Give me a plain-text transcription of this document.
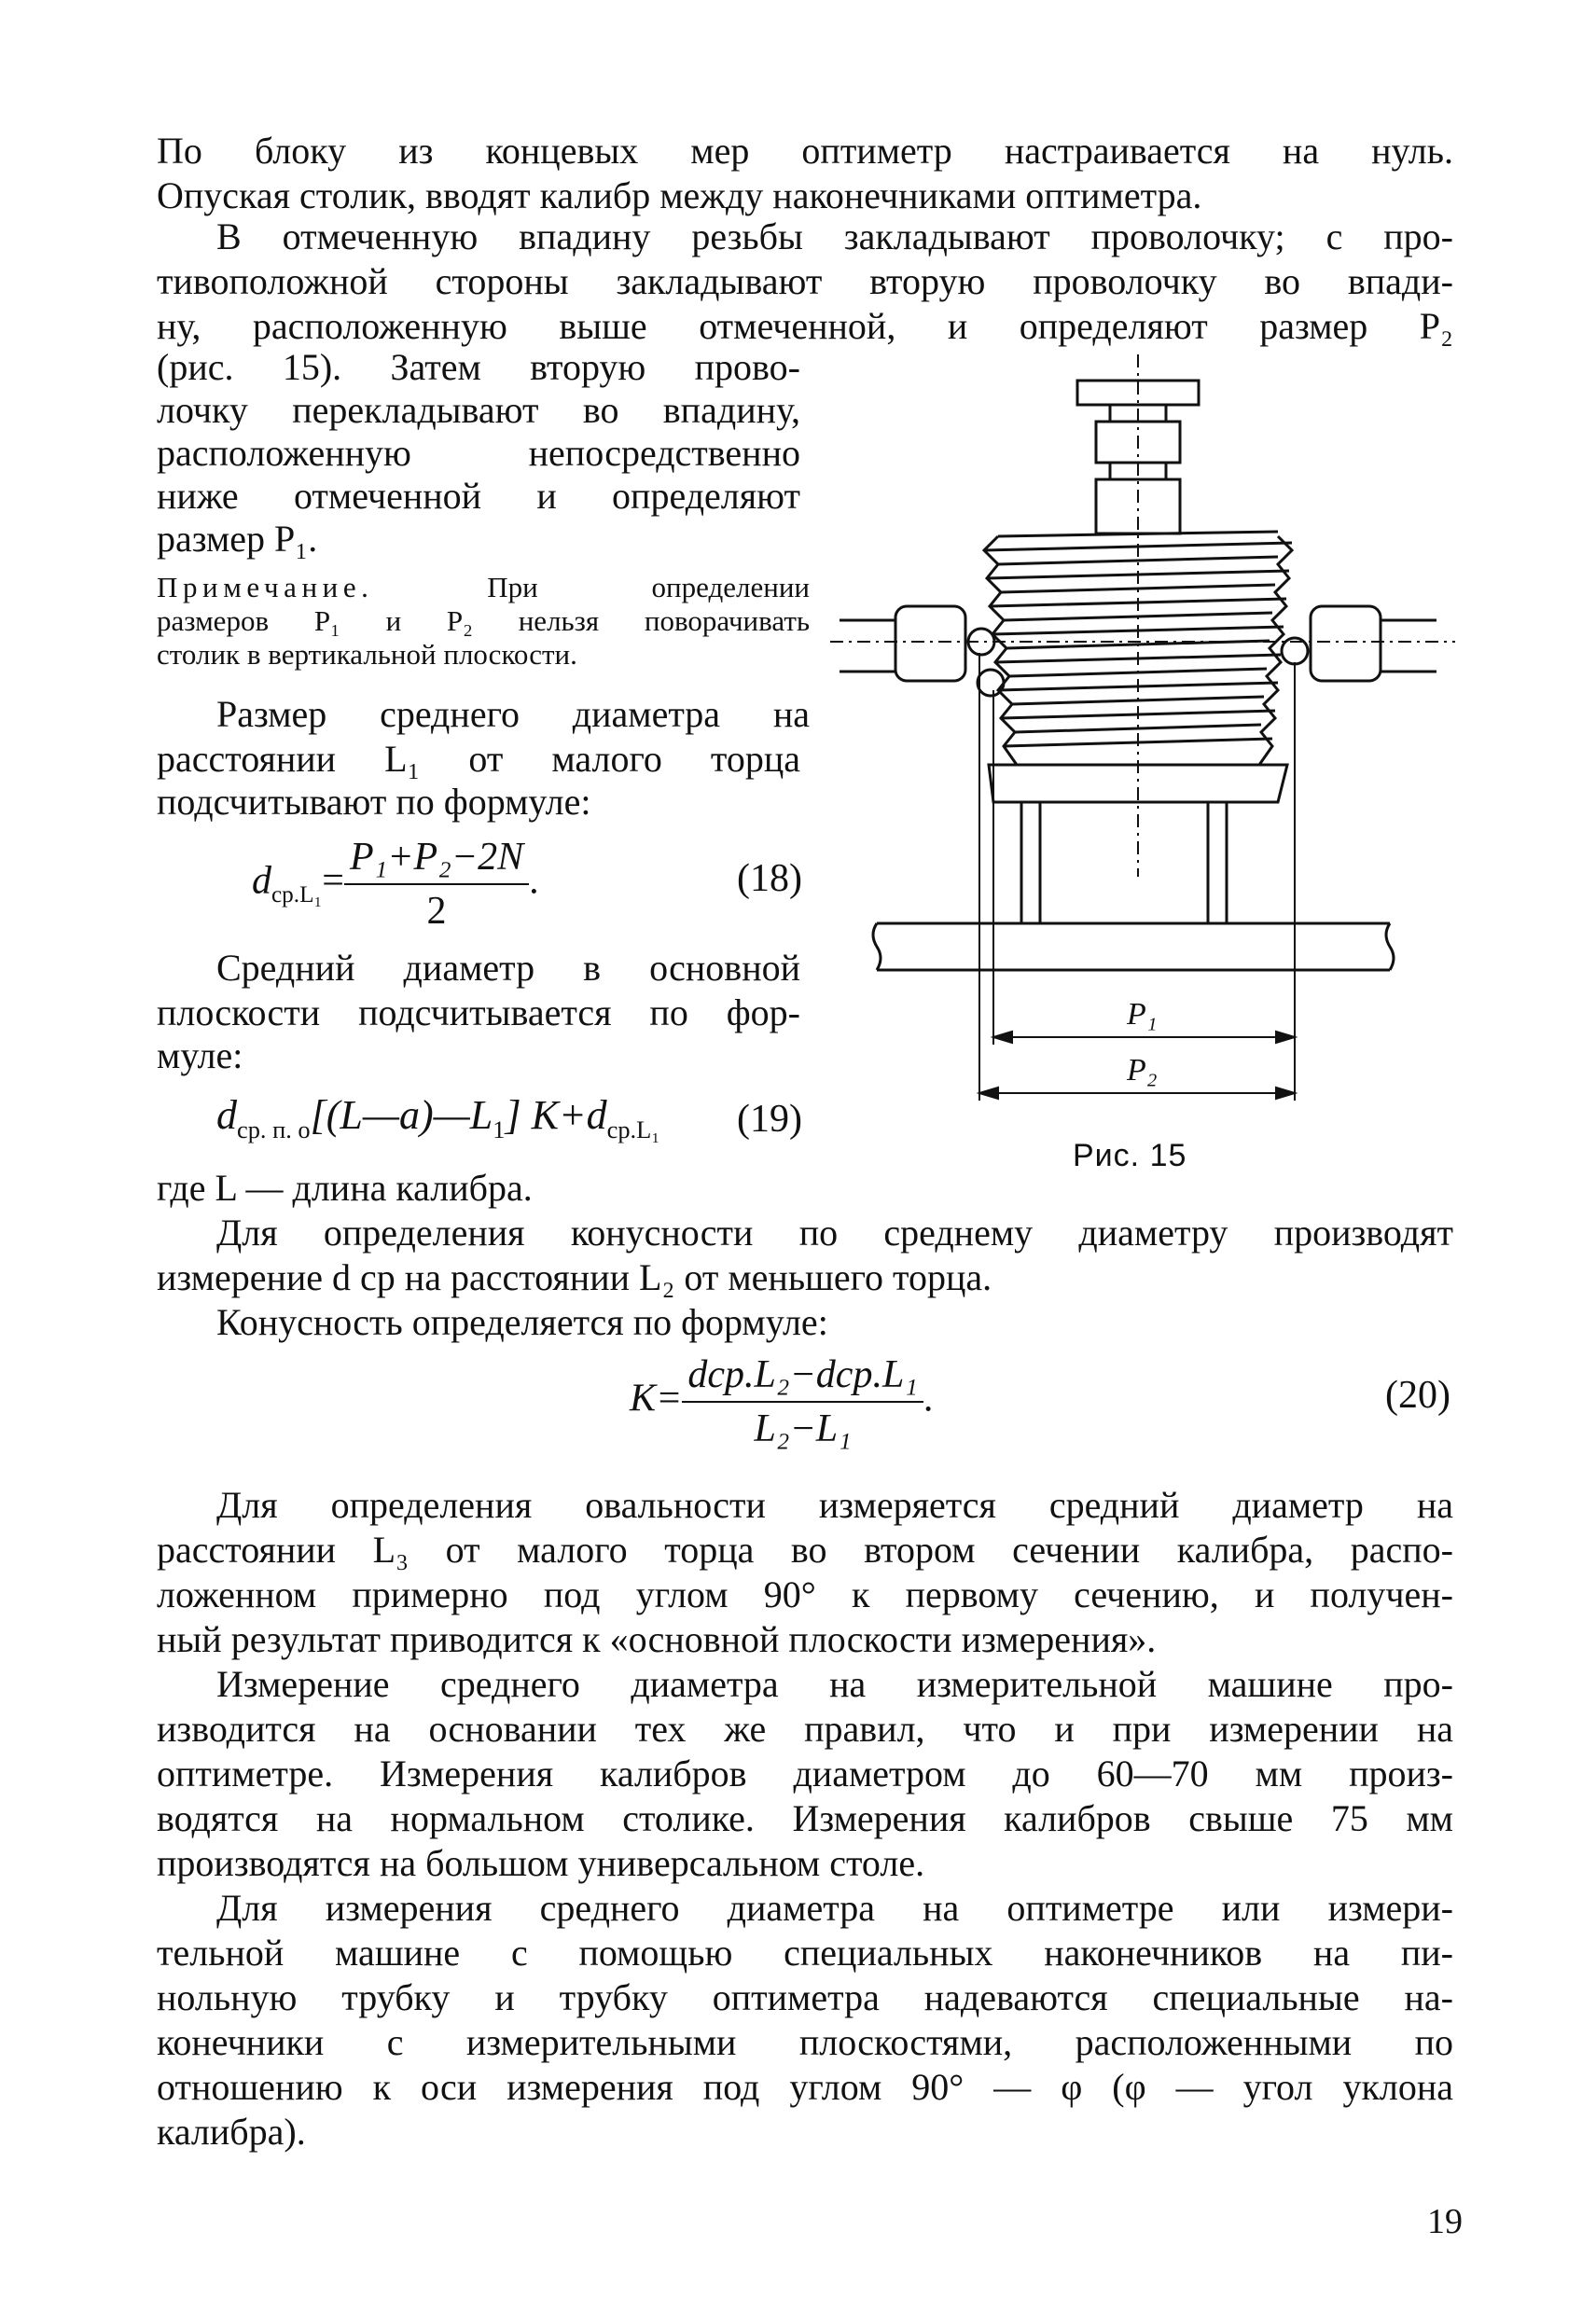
По блоку из концевых мер оптиметр настраивается на нуль.
Опуская столик, вводят калибр между наконечниками оптиметра.
В отмеченную впадину резьбы закладывают проволочку; с про-
тивоположной стороны закладывают вторую проволочку во впади-
ну, расположенную выше отмеченной, и определяют размер P₂
(рис. 15). Затем вторую прово-
лочку перекладывают во впадину,
расположенную непосредственно
ниже отмеченной и определяют
размер P₁.
Примечание.	При определении
размеров P₁ и P₂ нельзя поворачивать
столик в вертикальной плоскости.
Размер среднего диаметра на
расстоянии L₁ от малого торца
подсчитывают по формуле:
$d_{ср.L_1}= \frac{\text{P₁+P₂−2N}}{2}$ .	(18)
Средний диаметр в основной
плоскости подсчитывается по фор-
муле:
$d_{ср. п. о}[(L—a)—L_1]$ $K+d_{ср.L_1}$ (19)
где L — длина калибра.
Для определения конусности по среднему диаметру производят
измерение d ср на расстоянии L₂ от меньшего торца.
Конусность определяется по формуле:
$K= \frac{\text{dср.L₂−dср.L₁}}{\text{L₂−L₁}}$ .	(20)
Для определения овальности измеряется средний диаметр на
расстоянии L₃ от малого торца во втором сечении калибра, распо-
ложенном примерно под углом 90° к первому сечению, и получен-
ный результат приводится к «основной плоскости измерения».
Измерение среднего диаметра на измерительной машине про-
изводится на основании тех же правил, что и при измерении на
оптиметре. Измерения калибров диаметром до 60—70 мм произ-
водятся на нормальном столике. Измерения калибров свыше 75 мм
производятся на большом универсальном столе.
Для измерения среднего диаметра на оптиметре или измери-
тельной машине с помощью специальных наконечников на пи-
нольную трубку и трубку оптиметра надеваются специальные на-
конечники с измерительными плоскостями, расположенными по
отношению к оси измерения под углом 90° — φ (φ — угол уклона
калибра).
P₁
P₂
Рис. 15
19
